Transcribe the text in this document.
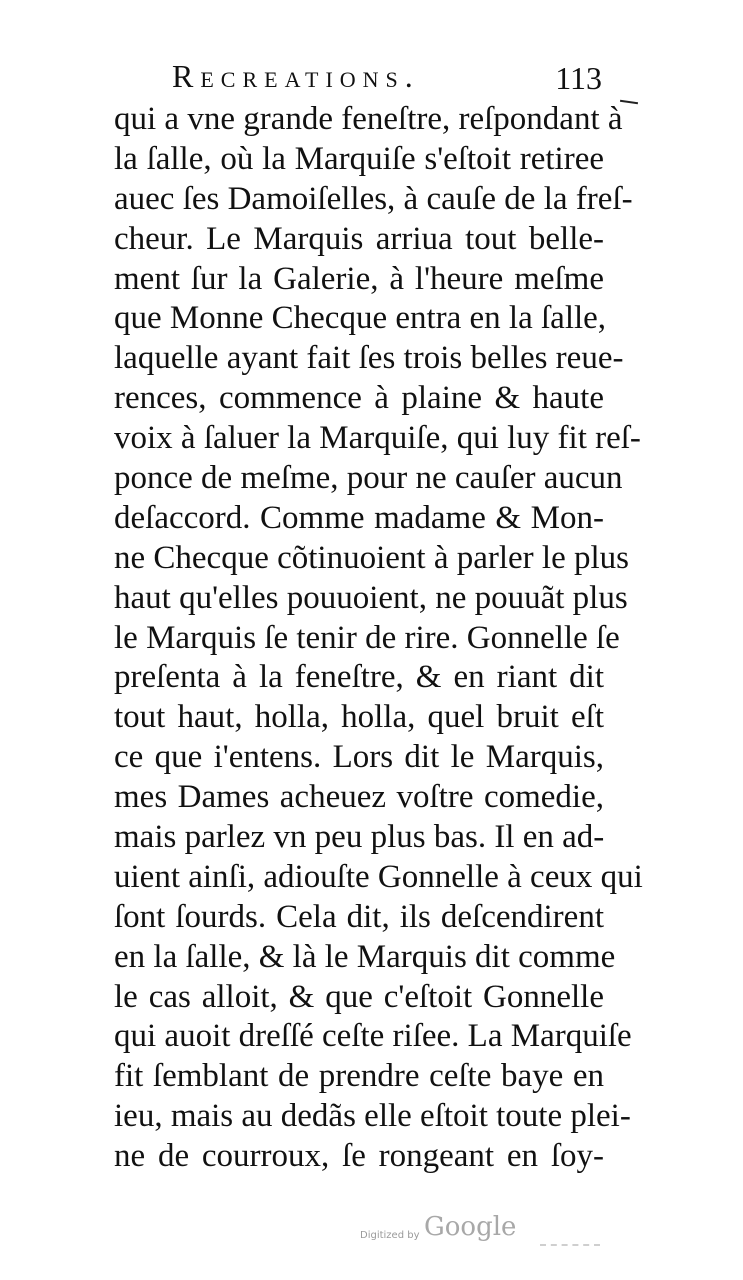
Recreations.	113
qui a vne grande feneſtre, reſpondant à
la ſalle, où la Marquiſe s'eſtoit retiree
auec ſes Damoiſelles, à cauſe de la freſ-
cheur. Le Marquis arriua tout belle-
ment ſur la Galerie, à l'heure meſme
que Monne Checque entra en la ſalle,
laquelle ayant fait ſes trois belles reue-
rences, commence à plaine & haute
voix à ſaluer la Marquiſe, qui luy fit reſ-
ponce de meſme, pour ne cauſer aucun
deſaccord. Comme madame & Mon-
ne Checque cõtinuoient à parler le plus
haut qu'elles pouuoient, ne pouuãt plus
le Marquis ſe tenir de rire. Gonnelle ſe
preſenta à la feneſtre, & en riant dit
tout haut, holla, holla, quel bruit eſt
ce que i'entens. Lors dit le Marquis,
mes Dames acheuez voſtre comedie,
mais parlez vn peu plus bas. Il en ad-
uient ainſi, adiouſte Gonnelle à ceux qui
ſont ſourds. Cela dit, ils deſcendirent
en la ſalle, & là le Marquis dit comme
le cas alloit, & que c'eſtoit Gonnelle
qui auoit dreſſé ceſte riſee. La Marquiſe
fit ſemblant de prendre ceſte baye en
ieu, mais au dedãs elle eſtoit toute plei-
ne de courroux, ſe rongeant en ſoy-
Digitized by Google
